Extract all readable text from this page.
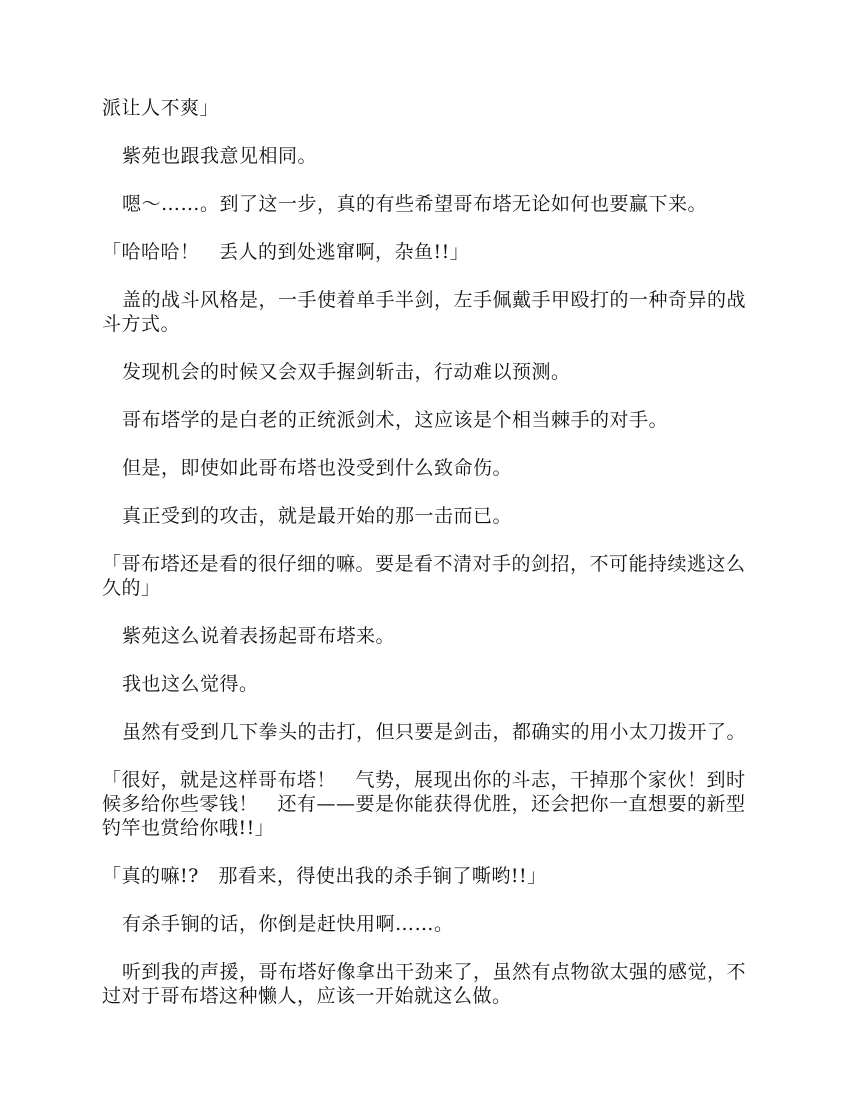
派让人不爽」

紫苑也跟我意见相同。

嗯～……。到了这一步，真的有些希望哥布塔无论如何也要赢下来。

「哈哈哈！　丢人的到处逃窜啊，杂鱼!!」

盖的战斗风格是，一手使着单手半剑，左手佩戴手甲殴打的一种奇异的战斗方式。

发现机会的时候又会双手握剑斩击，行动难以预测。

哥布塔学的是白老的正统派剑术，这应该是个相当棘手的对手。

但是，即使如此哥布塔也没受到什么致命伤。

真正受到的攻击，就是最开始的那一击而已。

「哥布塔还是看的很仔细的嘛。要是看不清对手的剑招，不可能持续逃这么久的」

紫苑这么说着表扬起哥布塔来。

我也这么觉得。

虽然有受到几下拳头的击打，但只要是剑击，都确实的用小太刀拨开了。

「很好，就是这样哥布塔！　气势，展现出你的斗志，干掉那个家伙！到时候多给你些零钱！　还有——要是你能获得优胜，还会把你一直想要的新型钓竿也赏给你哦!!」

「真的嘛!?　那看来，得使出我的杀手锏了嘶哟!!」

有杀手锏的话，你倒是赶快用啊……。

听到我的声援，哥布塔好像拿出干劲来了，虽然有点物欲太强的感觉，不过对于哥布塔这种懒人，应该一开始就这么做。
